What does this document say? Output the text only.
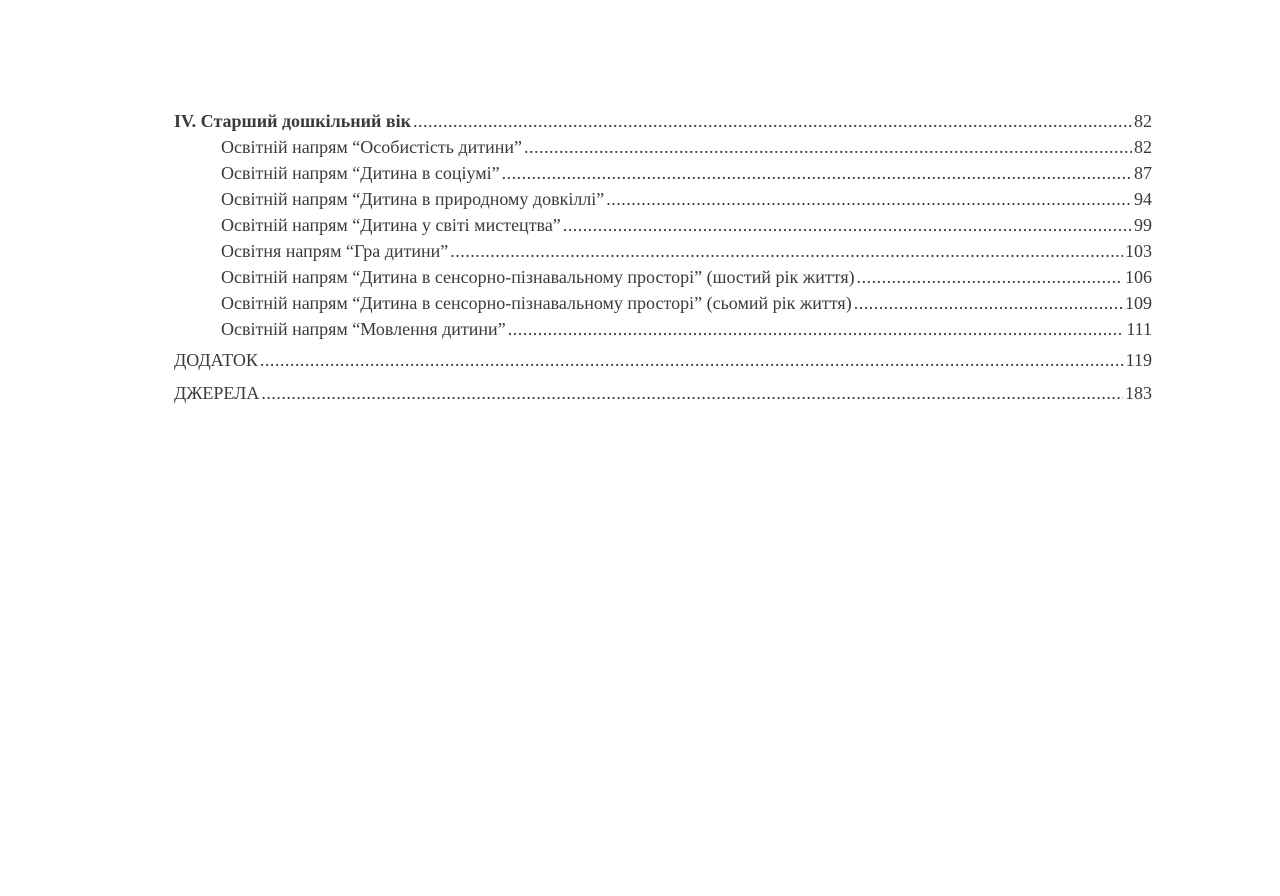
IV. Старший дошкільний вік .....	82
Освітній напрям “Особистість дитини” .....	82
Освітній напрям “Дитина в соціумі” .....	87
Освітній напрям “Дитина в природному довкіллі” .....	94
Освітній напрям “Дитина у світі мистецтва” .....	99
Освітня напрям “Гра дитини” .....	103
Освітній напрям “Дитина в сенсорно-пізнавальному просторі” (шостий рік життя) .....	106
Освітній напрям “Дитина в сенсорно-пізнавальному просторі” (сьомий рік життя) .....	109
Освітній напрям “Мовлення дитини” .....	111
ДОДАТОК .....	119
ДЖЕРЕЛА .....	183
